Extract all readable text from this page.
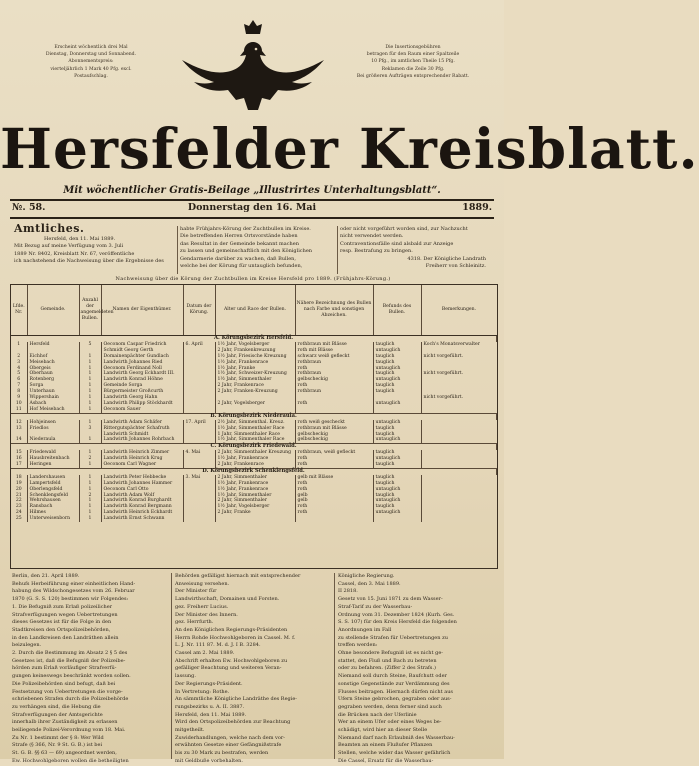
Erscheint wöchentlich drei Mal
Dienstag, Donnerstag und Sonnabend.
Abonnementspreis:
vierteljährlich 1 Mark 40 Pfg. excl.
Postaufschlag.
Die Insertionsgebühren
betragen für den Raum einer Spaltzeile
10 Pfg., im amtlichen Theile 15 Pfg.
Reklamen die Zeile 30 Pfg.
Bei größeren Aufträgen entsprechender Rabatt.
Hersfelder Kreisblatt.
Mit wöchentlicher Gratis-Beilage „Illustrirtes Unterhaltungsblatt“.
№. 58.	Donnerstag den 16. Mai	1889.
Amtliches.
Hersfeld, den 11. Mai 1889.
Mit Bezug auf meine Verfügung vom 3. Juli
1889 Nr. 8402, Kreisblatt Nr. 67, veröffentliche
ich nachstehend die Nachweisung über die Ergebnisse des
habte Frühjahrs-Körung der Zuchtbullen im Kreise.
Die betreffenden Herren Ortsvorstände haben
das Resultat in der Gemeinde bekannt machen
zu lassen und gemeinschaftlich mit den Königlichen
Gendarmerie darüber zu wachen, daß Bullen,
welche bei der Körung für untauglich befunden,
oder nicht vorgeführt worden sind, zur Nachzucht
nicht verwendet werden.
Contraventionsfälle sind alsbald zur Anzeige
resp. Bestrafung zu bringen.
4318. Der Königliche Landrath
Freiherr von Schleinitz.
Nachweisung über die Körung der Zuchtbullen im Kreise Hersfeld pro 1889. (Frühjahrs-Körung.)
Lfde. Nr.	Gemeinde.	Anzahl der angemeldeten Bullen.	Namen der Eigenthümer.	Datum der Körung.	Alter und Race der Bullen.	Nähere Bezeichnung des Bullen nach Farbe und sonstigen Abzeichen.	Befunds des Bullen.	Bemerkungen.
A. Körungsbezirk Hersfeld.								
1	Hersfeld	5	Oeconom Caspar Friedrich	6. April	1½ Jahr, Vogelsberger	rothbraun mit Blässe	tauglich	Koch's Monatsverwalter
			Schmidt Georg Gerth		2 Jahr, Frankenkreuzung	roth mit Blässe	untauglich	
2	Eichhof	1	Domainenpächter Gundlach		1½ Jahr, Friesische Kreuzung	schwarz weiß gefleckt	tauglich	nicht vorgeführt.
3	Meisebach	1	Landwirth Johannes Ried		1½ Jahr, Frankenrace	rothbraun	tauglich	
4	Obergeis	1	Oeconom Ferdinand Noll		1½ Jahr, Franke	roth	untauglich	
5	Oberhaun	1	Landwirth Georg Eckhardt III.		1½ Jahr, Schweizer-Kreuzung	rothbraun	tauglich	nicht vorgeführt.
6	Rotenberg	1	Landwirth Konrad Höhne		1½ Jahr, Simmenthaler	gelbscheckig	untauglich	
7	Sorga	1	Gemeinde Sorga		2 Jahr, Frankenrace	roth	tauglich	
8	Unterhaun	1	Bürgermeister Großcurth		2 Jahr, Franken-Kreuzung	rothbraun	tauglich	
9	Wippershain	1	Landwirth Georg Hahn					nicht vorgeführt.
10	Asbach	1	Landwirth Philipp Stöckhardt		2 Jahr, Vogelsberger	roth	untauglich	
11	Hof Meisebach	1	Oeconom Sauer					
B. Körungsbezirk Niederaula.								
12	Hohjeinsen	1	Landwirth Adam Schäfer	17. April	2½ Jahr, Simmenthal. Kreuz.	roth weiß gescheckt	untauglich	
13	Friedlos	3	Rittergutspächter Schafruth		1½ Jahr, Simmenthaler Race	rothbraun mit Blässe	tauglich	
			Landwirth Schmidt		1 Jahr, Simmenthaler Race	gelbscheckig	tauglich	
14	Niederaula	1	Landwirth Johannes Rohrbach		1½ Jahr, Simmenthaler Race	gelbscheckig	untauglich	
C. Körungsbezirk Friedewald.								
15	Friedewald	1	Landwirth Heinrich Zimmer	4. Mai	2 Jahr, Simmenthaler Kreuzung	rothbraun, weiß gefleckt	tauglich	
16	Hausbreitenbach	2	Landwirth Heinrich Krug		1½ Jahr, Frankenrace	roth	untauglich	
17	Heringen	1	Oeconom Carl Wagner		2 Jahr, Frankenrace	roth	tauglich	
D. Körungsbezirk Schenklengsfeld.								
18	Landershausen	1	Landwirth Peter Hebbecke	3. Mai	2 Jahr, Simmenthaler	gelb mit Blässe	tauglich	
19	Lampertsfeld	1	Landwirth Johannes Hammer		1½ Jahr, Frankenrace	roth	tauglich	
20	Oberlengsfeld	1	Oeconom Carl Otto		1½ Jahr, Frankenrace	roth	untauglich	
21	Schenklengsfeld	2	Landwirth Adam Wolf		1½ Jahr, Simmenthaler	gelb	tauglich	
22	Wehrshausen	1	Landwirth Konrad Burghardt		2 Jahr, Simmenthaler	gelb	untauglich	
23	Ransbach	1	Landwirth Konrad Bergmann		1½ Jahr, Vogelsberger	roth	tauglich	
24	Hilmes	1	Landwirth Heinrich Eckhardt		2 Jahr, Franke	roth	untauglich	
25	Unterweisenborn	1	Landwirth Ernst Schwann					
Berlin, den 21. April 1889.
Behufs Herbeiführung einer einheitlichen Hand-
habung des Wildschongesetzes vom 26. Februar
1870 (G. S. S. 120) bestimmen wir Folgendes:
1. Die Befugniß zum Erlaß polizeilicher
Strafverfügungen wegen Uebertretungen
dieses Gesetzes ist für die Folge in den
Stadtkreisen den Ortspolizeibehörden,
in den Landkreisen den Landräthen allein
beizulegen.
2. Durch die Bestimmung im Absatz 2 § 5 des
Gesetzes ist, daß die Befugniß der Polizeibe-
hörden zum Erlaß vorläufiger Strafverfü-
gungen keineswegs beschränkt worden sollen.
Die Polizeibehörden sind befugt, daß bei
Festsetzung von Uebertretungen die vorge-
schriebenen Strafen durch die Polizeibehörde
zu verhängen sind, die Hebung die
Strafverfügungen der Amtsgerichte
innerhalb ihrer Zuständigkeit zu erlassen
beiliegende Polizei-Verordnung vom 18. Mai.
Zu Nr. 1 bestimmt der § 8: Wer Wild
Strafe (§ 366, Nr. 9 St. G. B.) ist bei
St. G. B. §§ 63 — 69) angeordnet werden,
Ew. Hochwohlgeboren wollen die betheiligten
Behörden gefälligst hiernach mit entsprechender
Anweisung versehen.
Der Minister für
Landwirthschaft, Domainen und Forsten.
gez. Freiherr Lucius.
Der Minister des Innern.
gez. Herrfurth.
An den Königlichen Regierungs-Präsidenten
Herrn Rohde Hochwohlgeboren in Cassel. M. f.
L. J. Nr. 111 87. M. d. J. I B. 3284.
Cassel am 2. Mai 1889.
Abschrift erhalten Ew. Hochwohlgeboren zu
gefälliger Beachtung und weiteren Veran-
lassung.
Der Regierungs-Präsident.
In Vertretung: Rothe.
An sämmtliche Königliche Landräthe des Regie-
rungsbezirks u. A. II. 3887.
Hersfeld, den 11. Mai 1889.
Wird den Ortspolizeibehörden zur Beachtung
mitgetheilt.
Zuwiderhandlungen, welche nach dem vor-
erwähnten Gesetze einer Gefängnißstrafe
bis zu 30 Mark zu bestrafen, werden
mit Geldbuße vorbehalten.
Königliche Regierung.
Cassel, den 3. Mai 1889.
II 2818.
Gesetz von 15. Juni 1871 zu dem Wasser-
Straf-Tarif zu der Wasserbau-
Ordnung vom 31. Dezember 1824 (Kurh. Ges.
S. S. 107) für den Kreis Hersfeld die folgenden
Anordnungen im Fall
zu stellende Strafen für Uebertretungen zu
treffen werden:
Ohne besondere Befugniß ist es nicht ge-
stattet, den Fluß und Bach zu betreten
oder zu befahren. (Ziffer 2 des Strafs.)
Niemand soll durch Steine, Baufchutt oder
sonstige Gegenstände zur Verdämmung des
Flusses beitragen. Hiernach dürfen nicht aus
Ufern Steine gebrochen, gegraben oder aus-
gegraben werden, denn ferner sind auch
die Brücken nach der Uferlinie
Wer an einem Ufer oder eines Weges be-
schädigt, wird hier an dieser Stelle
Niemand darf nach Erlaubniß des Wasserbau-
Beamten an einem Flußufer Pflanzen
Stellen, welche wider das Wasser gefährlich
Die Cassel, Ersatz für die Wasserbau-
